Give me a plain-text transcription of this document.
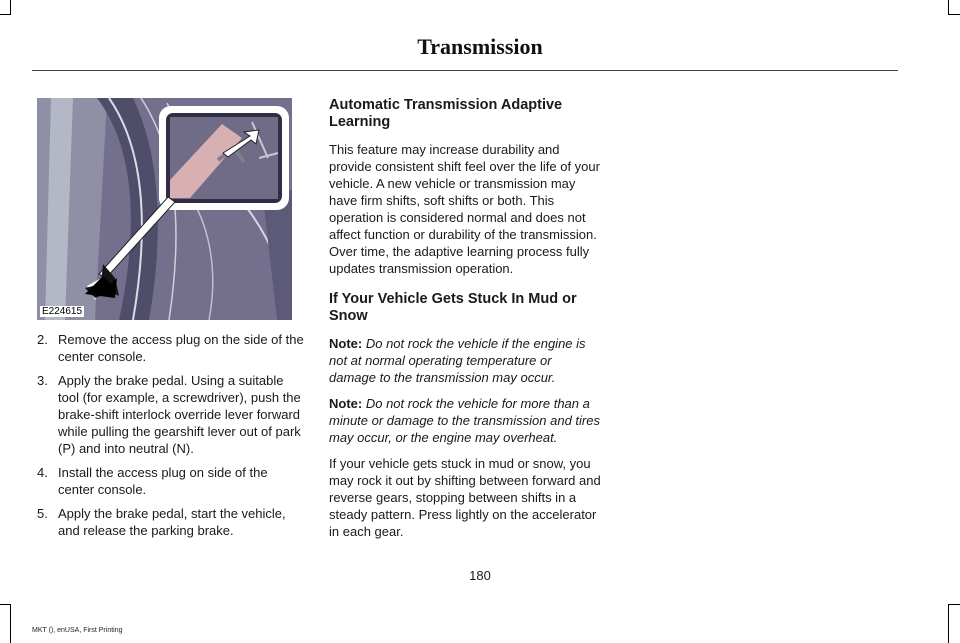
Transmission
E224615
2. Remove the access plug on the side of the center console.
3. Apply the brake pedal. Using a suitable tool (for example, a screwdriver), push the brake-shift interlock override lever forward while pulling the gearshift lever out of park (P) and into neutral (N).
4. Install the access plug on side of the center console.
5. Apply the brake pedal, start the vehicle, and release the parking brake.
Automatic Transmission Adaptive Learning

This feature may increase durability and provide consistent shift feel over the life of your vehicle. A new vehicle or transmission may have firm shifts, soft shifts or both. This operation is considered normal and does not affect function or durability of the transmission. Over time, the adaptive learning process fully updates transmission operation.

If Your Vehicle Gets Stuck In Mud or Snow

Note: Do not rock the vehicle if the engine is not at normal operating temperature or damage to the transmission may occur.

Note: Do not rock the vehicle for more than a minute or damage to the transmission and tires may occur, or the engine may overheat.

If your vehicle gets stuck in mud or snow, you may rock it out by shifting between forward and reverse gears, stopping between shifts in a steady pattern. Press lightly on the accelerator in each gear.

180
MKT (), enUSA, First Printing
